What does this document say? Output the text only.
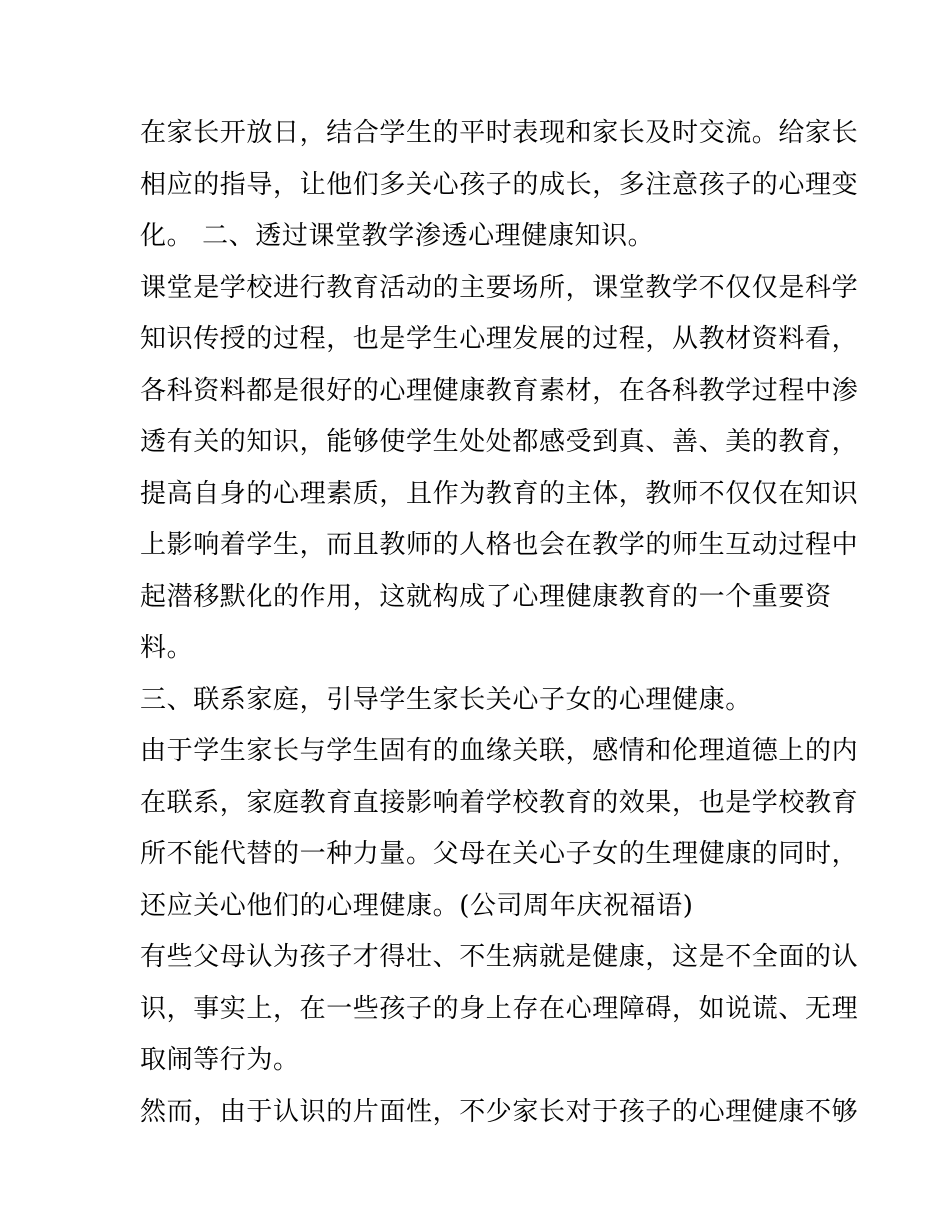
在家长开放日，结合学生的平时表现和家长及时交流。给家长
相应的指导，让他们多关心孩子的成长，多注意孩子的心理变
化。 二、透过课堂教学渗透心理健康知识。
课堂是学校进行教育活动的主要场所，课堂教学不仅仅是科学
知识传授的过程，也是学生心理发展的过程，从教材资料看，
各科资料都是很好的心理健康教育素材，在各科教学过程中渗
透有关的知识，能够使学生处处都感受到真、善、美的教育，
提高自身的心理素质，且作为教育的主体，教师不仅仅在知识
上影响着学生，而且教师的人格也会在教学的师生互动过程中
起潜移默化的作用，这就构成了心理健康教育的一个重要资
料。
三、联系家庭，引导学生家长关心子女的心理健康。
由于学生家长与学生固有的血缘关联，感情和伦理道德上的内
在联系，家庭教育直接影响着学校教育的效果，也是学校教育
所不能代替的一种力量。父母在关心子女的生理健康的同时，
还应关心他们的心理健康。(公司周年庆祝福语)
有些父母认为孩子才得壮、不生病就是健康，这是不全面的认
识，事实上，在一些孩子的身上存在心理障碍，如说谎、无理
取闹等行为。
然而，由于认识的片面性，不少家长对于孩子的心理健康不够
